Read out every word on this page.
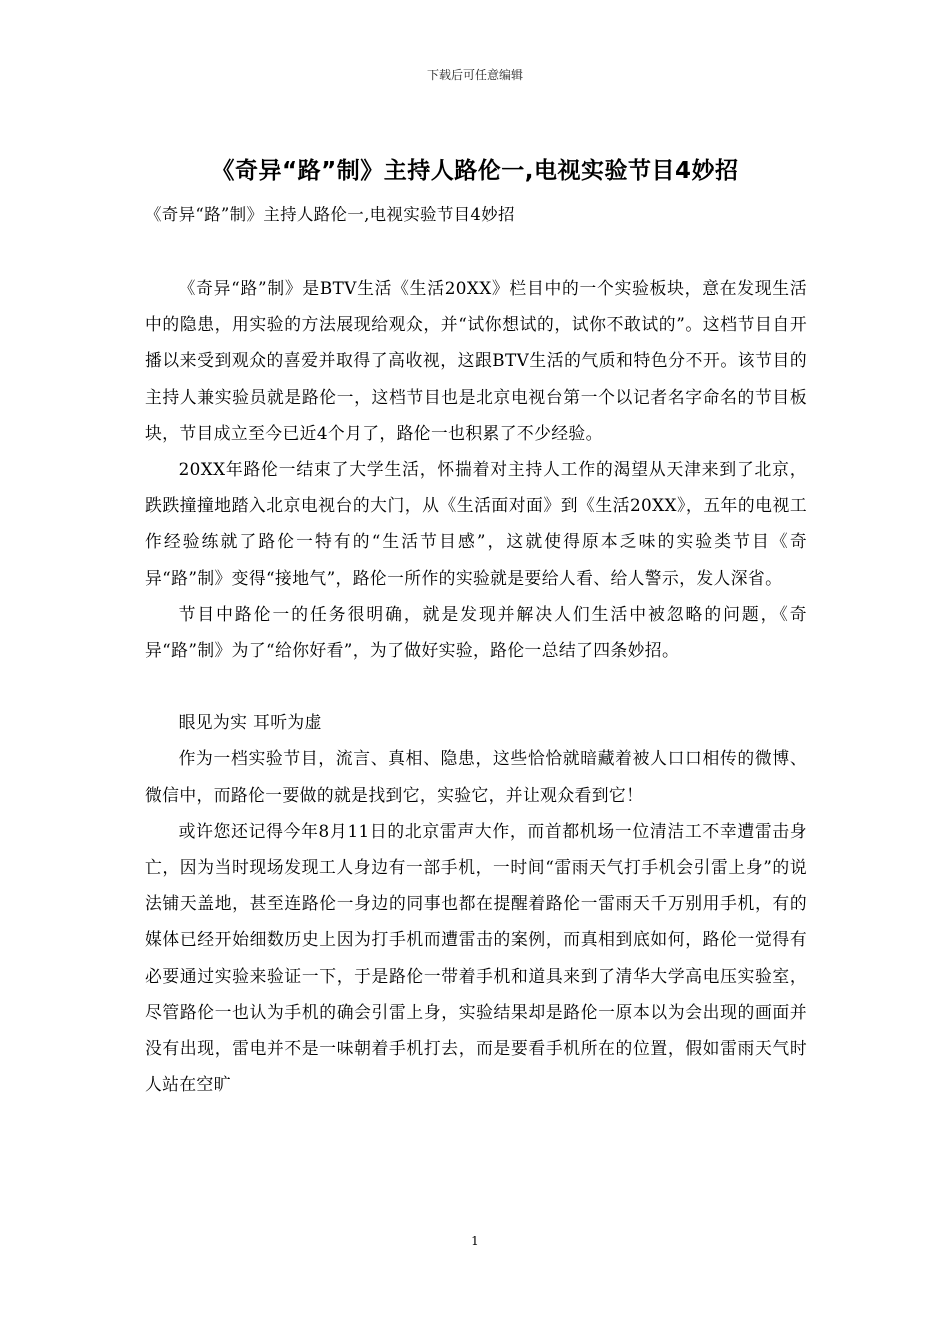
下载后可任意编辑
《奇异“路”制》主持人路伦一,电视实验节目4妙招
《奇异“路”制》主持人路伦一,电视实验节目4妙招

《奇异“路”制》是BTV生活《生活20XX》栏目中的一个实验板块，意在发现生活中的隐患，用实验的方法展现给观众，并“试你想试的，试你不敢试的”。这档节目自开播以来受到观众的喜爱并取得了高收视，这跟BTV生活的气质和特色分不开。该节目的主持人兼实验员就是路伦一，这档节目也是北京电视台第一个以记者名字命名的节目板块，节目成立至今已近4个月了，路伦一也积累了不少经验。

20XX年路伦一结束了大学生活，怀揣着对主持人工作的渴望从天津来到了北京，跌跌撞撞地踏入北京电视台的大门，从《生活面对面》到《生活20XX》，五年的电视工作经验练就了路伦一特有的“生活节目感”，这就使得原本乏味的实验类节目《奇异“路”制》变得“接地气”，路伦一所作的实验就是要给人看、给人警示，发人深省。

节目中路伦一的任务很明确，就是发现并解决人们生活中被忽略的问题，《奇异“路”制》为了“给你好看”，为了做好实验，路伦一总结了四条妙招。

眼见为实 耳听为虚

作为一档实验节目，流言、真相、隐患，这些恰恰就暗藏着被人口口相传的微博、微信中，而路伦一要做的就是找到它，实验它，并让观众看到它！

或许您还记得今年8月11日的北京雷声大作，而首都机场一位清洁工不幸遭雷击身亡，因为当时现场发现工人身边有一部手机，一时间“雷雨天气打手机会引雷上身”的说法铺天盖地，甚至连路伦一身边的同事也都在提醒着路伦一雷雨天千万别用手机，有的媒体已经开始细数历史上因为打手机而遭雷击的案例，而真相到底如何，路伦一觉得有必要通过实验来验证一下，于是路伦一带着手机和道具来到了清华大学高电压实验室，尽管路伦一也认为手机的确会引雷上身，实验结果却是路伦一原本以为会出现的画面并没有出现，雷电并不是一味朝着手机打去，而是要看手机所在的位置，假如雷雨天气时人站在空旷

1
